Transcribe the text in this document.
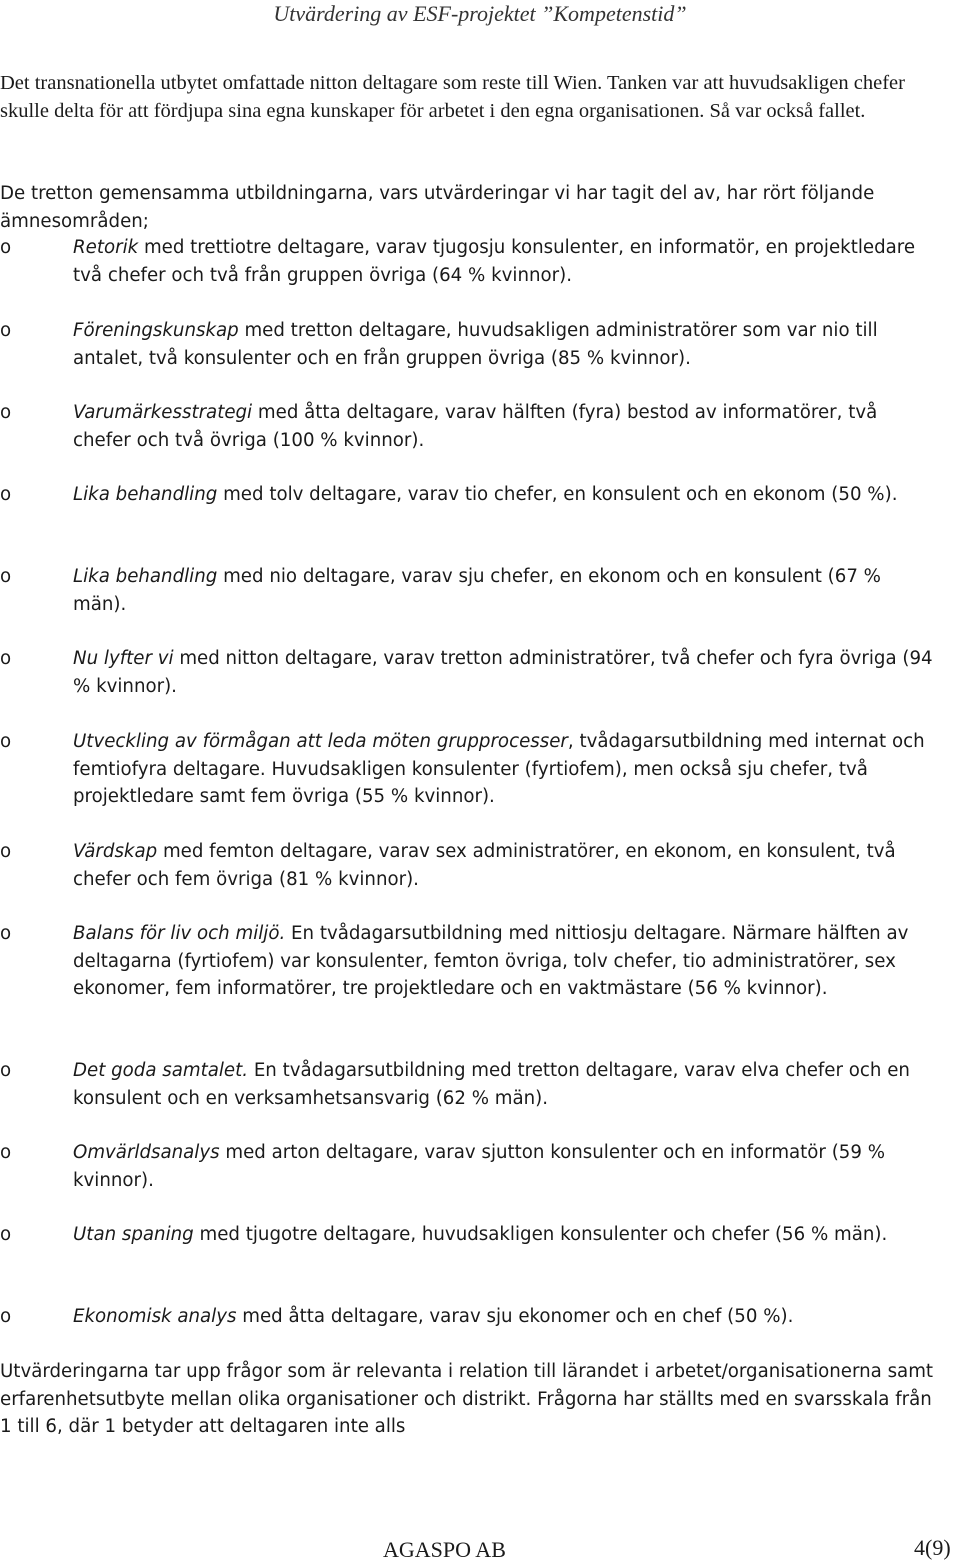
Utvärdering av ESF-projektet ”Kompetenstid”

Det transnationella utbytet omfattade nitton deltagare som reste till Wien. Tanken var att huvudsakligen chefer skulle delta för att fördjupa sina egna kunskaper för arbetet i den egna organisationen. Så var också fallet.

De tretton gemensamma utbildningarna, vars utvärderingar vi har tagit del av, har rört följande ämnesområden;

o	Retorik med trettiotre deltagare, varav tjugosju konsulenter, en informatör, en projektledare två chefer och två från gruppen övriga (64 % kvinnor).
o	Föreningskunskap med tretton deltagare, huvudsakligen administratörer som var nio till antalet, två konsulenter och en från gruppen övriga (85 % kvinnor).
o	Varumärkesstrategi med åtta deltagare, varav hälften (fyra) bestod av informatörer, två chefer och två övriga (100 % kvinnor).
o	Lika behandling med tolv deltagare, varav tio chefer, en konsulent och en ekonom (50 %).
o	Lika behandling med nio deltagare, varav sju chefer, en ekonom och en konsulent (67 % män).
o	Nu lyfter vi med nitton deltagare, varav tretton administratörer, två chefer och fyra övriga (94 % kvinnor).
o	Utveckling av förmågan att leda möten grupprocesser, tvådagarsutbildning med internat och femtiofyra deltagare. Huvudsakligen konsulenter (fyrtiofem), men också sju chefer, två projektledare samt fem övriga (55 % kvinnor).
o	Värdskap med femton deltagare, varav sex administratörer, en ekonom, en konsulent, två chefer och fem övriga (81 % kvinnor).
o	Balans för liv och miljö. En tvådagarsutbildning med nittiosju deltagare. Närmare hälften av deltagarna (fyrtiofem) var konsulenter, femton övriga, tolv chefer, tio administratörer, sex ekonomer, fem informatörer, tre projektledare och en vaktmästare (56 % kvinnor).
o	Det goda samtalet. En tvådagarsutbildning med tretton deltagare, varav elva chefer och en konsulent och en verksamhetsansvarig (62 % män).
o	Omvärldsanalys med arton deltagare, varav sjutton konsulenter och en informatör (59 % kvinnor).
o	Utan spaning med tjugotre deltagare, huvudsakligen konsulenter och chefer (56 % män).
o	Ekonomisk analys med åtta deltagare, varav sju ekonomer och en chef (50 %).

Utvärderingarna tar upp frågor som är relevanta i relation till lärandet i arbetet/organisationerna samt erfarenhetsutbyte mellan olika organisationer och distrikt. Frågorna har ställts med en svarsskala från 1 till 6, där 1 betyder att deltagaren inte alls

AGASPO AB	4(9)
